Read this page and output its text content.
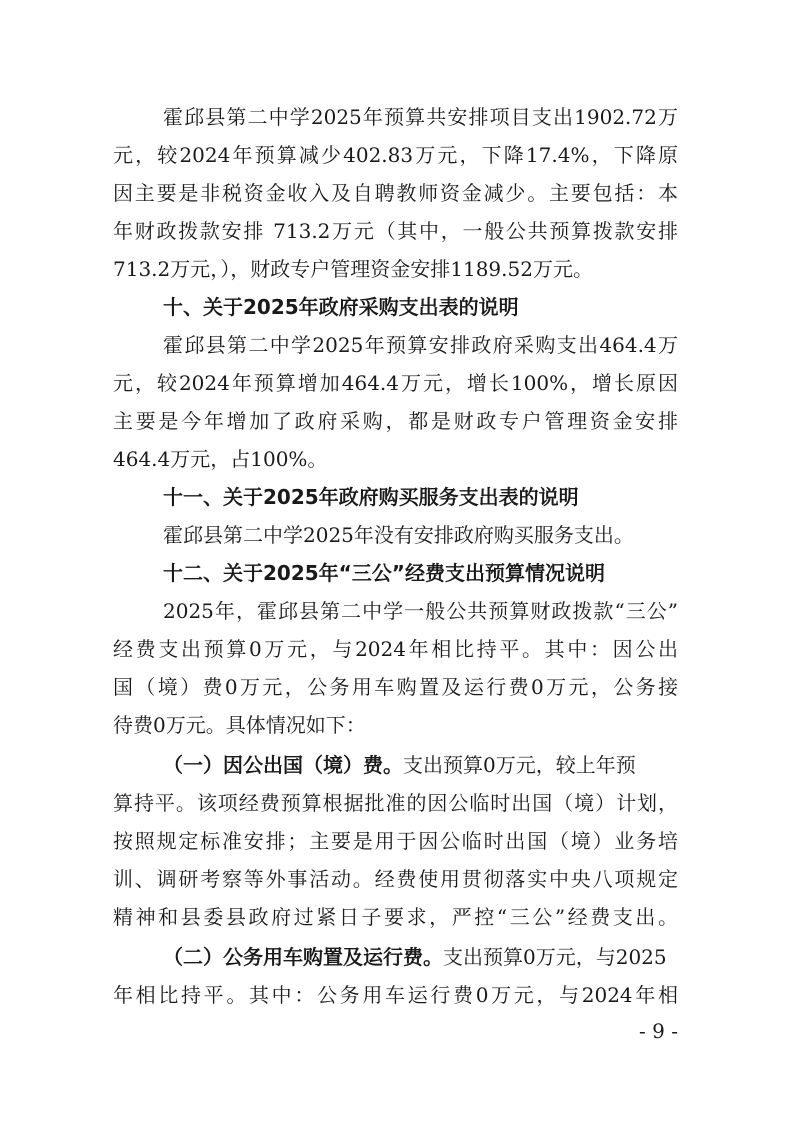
霍邱县第二中学2025年预算共安排项目支出1902.72万
元，较2024年预算减少402.83万元，下降17.4%，下降原
因主要是非税资金收入及自聘教师资金减少。主要包括：本
年财政拨款安排 713.2万元（其中，一般公共预算拨款安排
713.2万元，），财政专户管理资金安排1189.52万元。
十、关于2025年政府采购支出表的说明
霍邱县第二中学2025年预算安排政府采购支出464.4万
元，较2024年预算增加464.4万元，增长100%，增长原因
主要是今年增加了政府采购，都是财政专户管理资金安排
464.4万元，占100%。
十一、关于2025年政府购买服务支出表的说明
霍邱县第二中学2025年没有安排政府购买服务支出。
十二、关于2025年“三公”经费支出预算情况说明
2025年，霍邱县第二中学一般公共预算财政拨款“三公”
经费支出预算0万元，与2024年相比持平。其中：因公出
国（境）费0万元，公务用车购置及运行费0万元，公务接
待费0万元。具体情况如下：
（一）因公出国（境）费。支出预算0万元，较上年预
算持平。该项经费预算根据批准的因公临时出国（境）计划，
按照规定标准安排；主要是用于因公临时出国（境）业务培
训、调研考察等外事活动。经费使用贯彻落实中央八项规定
精神和县委县政府过紧日子要求，严控“三公”经费支出。
（二）公务用车购置及运行费。支出预算0万元，与2025
年相比持平。其中：公务用车运行费0万元，与2024年相
- 9 -
